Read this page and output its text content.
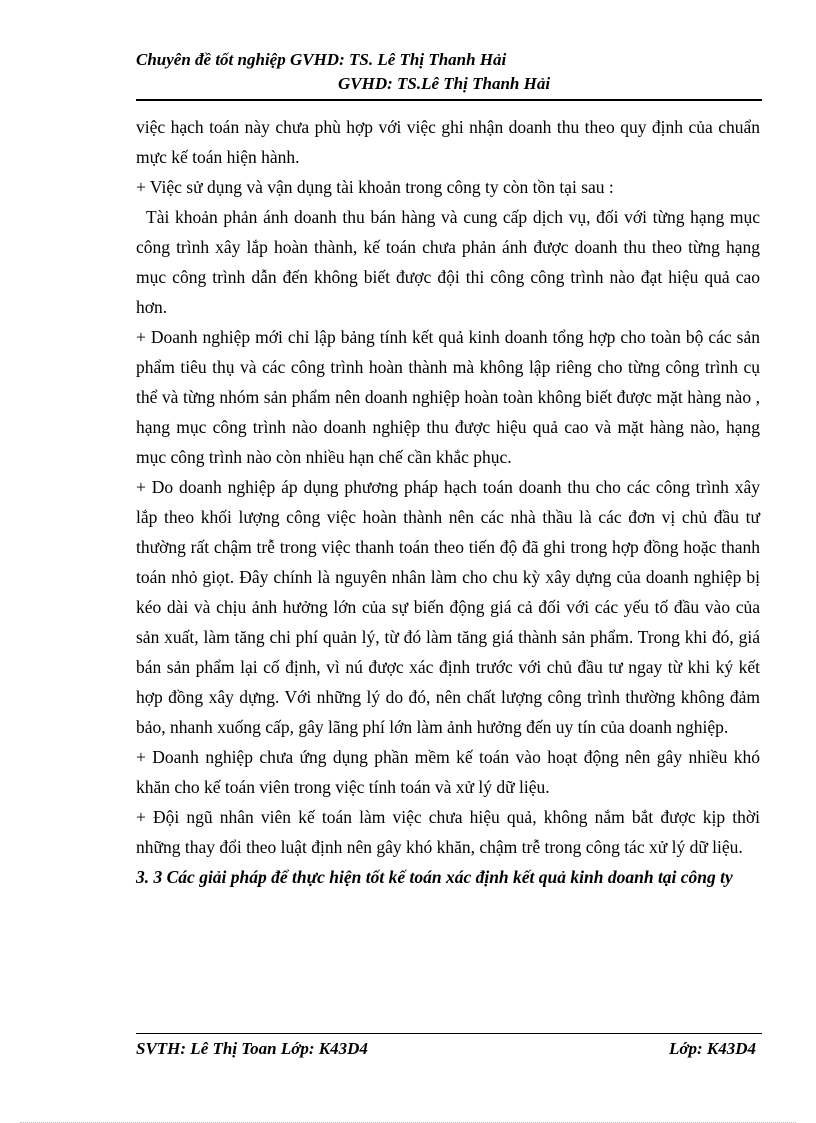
Chuyên đề tốt nghiệp GVHD: TS. Lê Thị Thanh Hải
GVHD: TS.Lê Thị Thanh Hải

việc hạch toán này chưa phù hợp với việc ghi nhận doanh thu theo quy định của chuẩn mực kế toán hiện hành.

+ Việc sử dụng và vận dụng tài khoản trong công ty còn tồn tại sau :

Tài khoản phản ánh doanh thu bán hàng và cung cấp dịch vụ, đối với từng hạng mục công trình xây lắp hoàn thành, kế toán chưa phản ánh được doanh thu theo từng hạng mục công trình dẫn đến không biết được đội thi công công trình nào đạt hiệu quả cao hơn.

+ Doanh nghiệp mới chỉ lập bảng tính kết quả kinh doanh tổng hợp cho toàn bộ các sản phẩm tiêu thụ và các công trình hoàn thành mà không lập riêng cho từng công trình cụ thể và từng nhóm sản phẩm nên doanh nghiệp hoàn toàn không biết được mặt hàng nào , hạng mục công trình nào doanh nghiệp thu được hiệu quả cao và mặt hàng nào, hạng mục công trình nào còn nhiều hạn chế cần khắc phục.

+ Do doanh nghiệp áp dụng phương pháp hạch toán doanh thu cho các công trình xây lắp theo khối lượng công việc hoàn thành nên các nhà thầu là các đơn vị chủ đầu tư thường rất chậm trễ trong việc thanh toán theo tiến độ đã ghi trong hợp đồng hoặc thanh toán nhỏ giọt. Đây chính là nguyên nhân làm cho chu kỳ xây dựng của doanh nghiệp bị kéo dài và chịu ảnh hưởng lớn của sự biến động giá cả đối với các yếu tố đầu vào của sản xuất, làm tăng chi phí quản lý, từ đó làm tăng giá thành sản phẩm. Trong khi đó, giá bán sản phẩm lại cố định, vì nú được xác định trước với chủ đầu tư ngay từ khi ký kết hợp đồng xây dựng. Với những lý do đó, nên chất lượng công trình thường không đảm bảo, nhanh xuống cấp, gây lãng phí lớn làm ảnh hưởng đến uy tín của doanh nghiệp.

+ Doanh nghiệp chưa ứng dụng phần mềm kế toán vào hoạt động nên gây nhiều khó khăn cho kế toán viên trong việc tính toán và xử lý dữ liệu.

+ Đội ngũ nhân viên kế toán làm việc chưa hiệu quả, không nắm bắt được kịp thời những thay đổi theo luật định nên gây khó khăn, chậm trễ trong công tác xử lý dữ liệu.

3. 3 Các giải pháp để thực hiện tốt kế toán xác định kết quả kinh doanh tại công ty

SVTH: Lê Thị Toan Lớp: K43D4	Lớp: K43D4
